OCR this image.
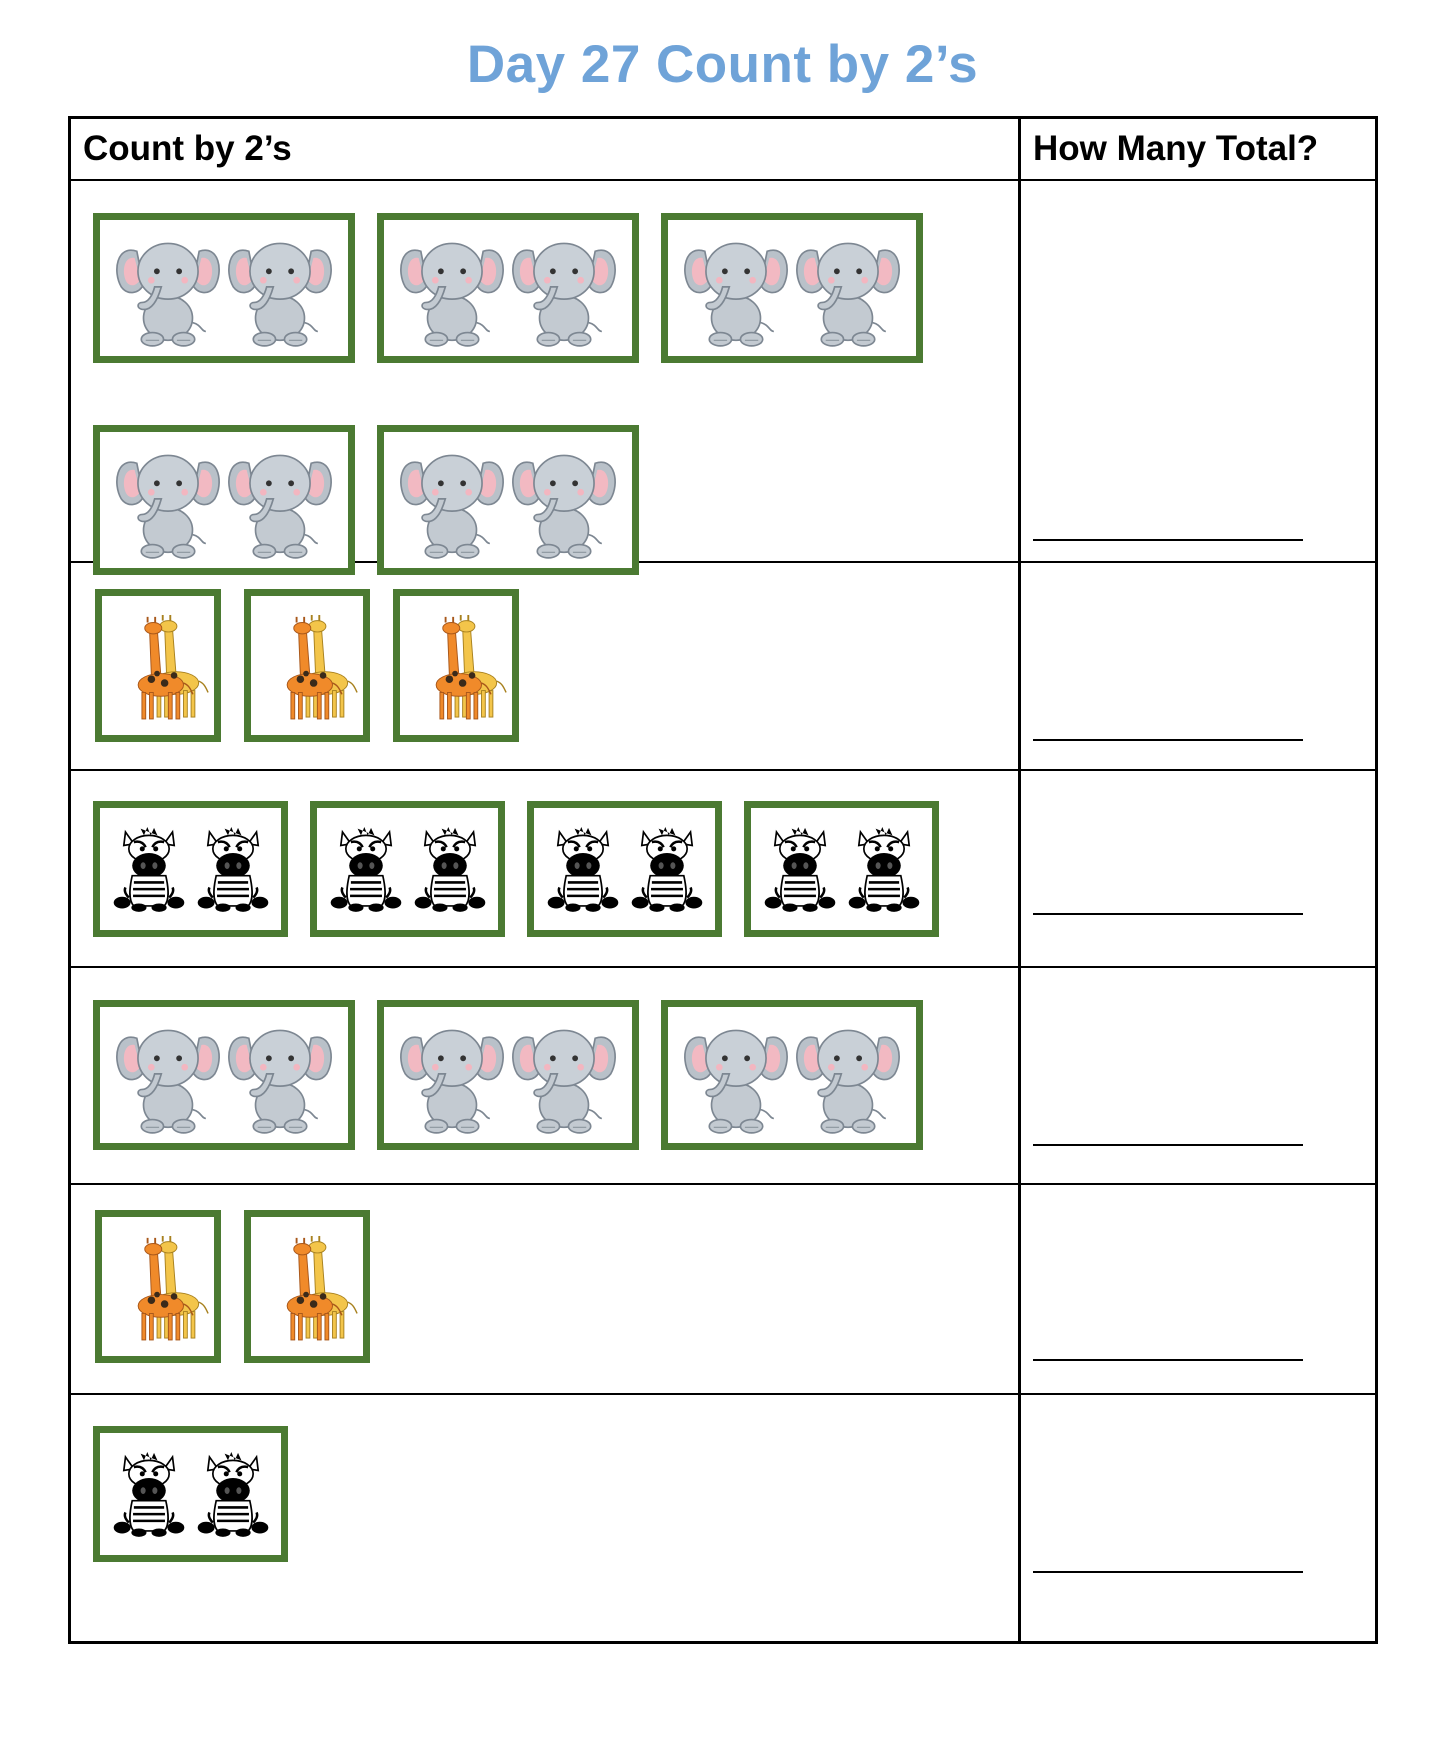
Day 27 Count by 2’s
Count by 2’s	How Many Total?
